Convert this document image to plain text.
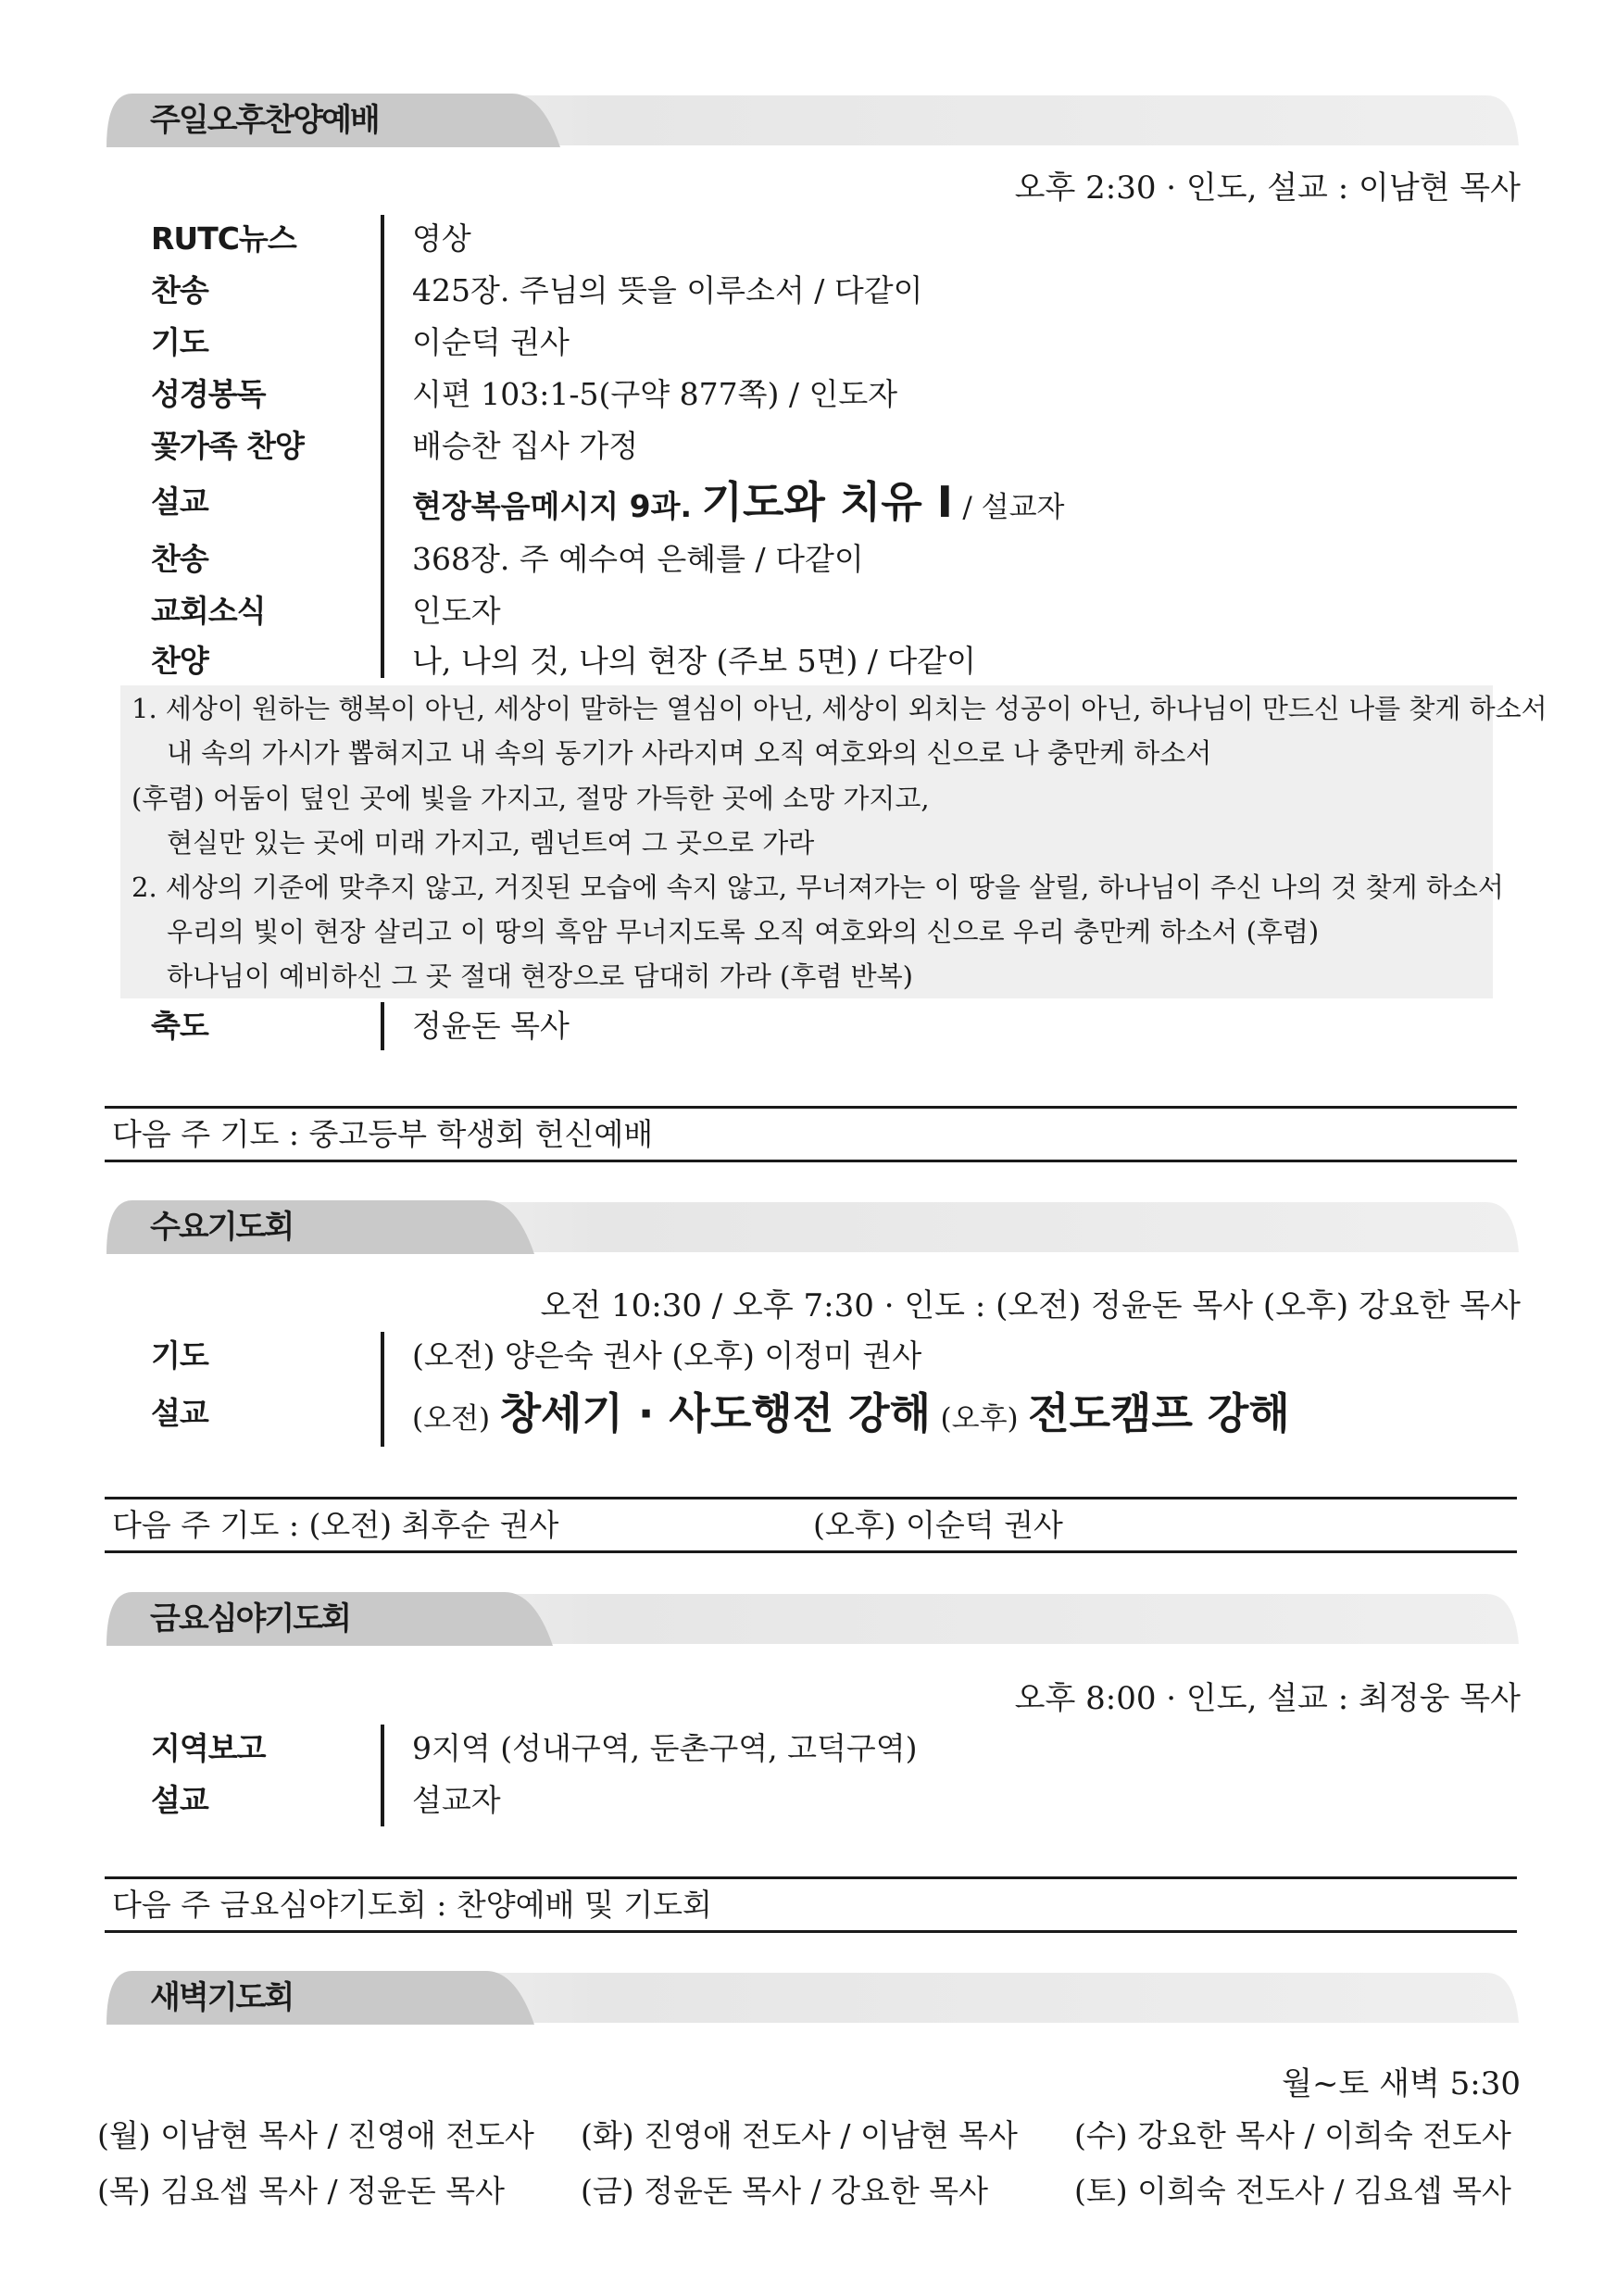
주일오후찬양예배
오후 2:30 · 인도, 설교 : 이남현 목사
RUTC뉴스	영상
찬송	425장. 주님의 뜻을 이루소서 / 다같이
기도	이순덕 권사
성경봉독	시편 103:1-5(구약 877쪽) / 인도자
꽃가족 찬양	배승찬 집사 가정
설교	현장복음메시지 9과. 기도와 치유 I / 설교자
찬송	368장. 주 예수여 은혜를 / 다같이
교회소식	인도자
찬양	나, 나의 것, 나의 현장 (주보 5면) / 다같이
1. 세상이 원하는 행복이 아닌, 세상이 말하는 열심이 아닌, 세상이 외치는 성공이 아닌, 하나님이 만드신 나를 찾게 하소서
내 속의 가시가 뽑혀지고 내 속의 동기가 사라지며 오직 여호와의 신으로 나 충만케 하소서
(후렴) 어둠이 덮인 곳에 빛을 가지고, 절망 가득한 곳에 소망 가지고,
현실만 있는 곳에 미래 가지고, 렘넌트여 그 곳으로 가라
2. 세상의 기준에 맞추지 않고, 거짓된 모습에 속지 않고, 무너져가는 이 땅을 살릴, 하나님이 주신 나의 것 찾게 하소서
우리의 빛이 현장 살리고 이 땅의 흑암 무너지도록 오직 여호와의 신으로 우리 충만케 하소서 (후렴)
하나님이 예비하신 그 곳 절대 현장으로 담대히 가라 (후렴 반복)
축도	정윤돈 목사
다음 주 기도 : 중고등부 학생회 헌신예배
수요기도회
오전 10:30 / 오후 7:30 · 인도 : (오전) 정윤돈 목사 (오후) 강요한 목사
기도	(오전) 양은숙 권사 (오후) 이정미 권사
설교	(오전) 창세기 · 사도행전 강해 (오후) 전도캠프 강해
다음 주 기도 : (오전) 최후순 권사	(오후) 이순덕 권사
금요심야기도회
오후 8:00 · 인도, 설교 : 최정웅 목사
지역보고	9지역 (성내구역, 둔촌구역, 고덕구역)
설교	설교자
다음 주 금요심야기도회 : 찬양예배 및 기도회
새벽기도회
월~토 새벽 5:30
(월) 이남현 목사 / 진영애 전도사 (화) 진영애 전도사 / 이남현 목사 (수) 강요한 목사 / 이희숙 전도사
(목) 김요셉 목사 / 정윤돈 목사 (금) 정윤돈 목사 / 강요한 목사	(토) 이희숙 전도사 / 김요셉 목사
